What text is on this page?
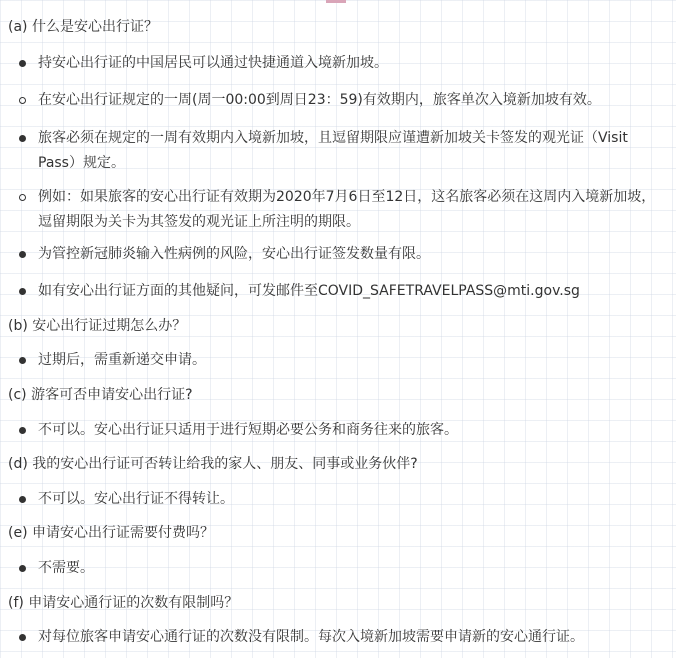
(a) 什么是安心出行证？
持安心出行证的中国居民可以通过快捷通道入境新加坡。
在安心出行证规定的一周(周一00:00到周日23：59)有效期内，旅客单次入境新加坡有效。
旅客必须在规定的一周有效期内入境新加坡，且逗留期限应谨遭新加坡关卡签发的观光证（Visit Pass）规定。
例如：如果旅客的安心出行证有效期为2020年7月6日至12日，这名旅客必须在这周内入境新加坡，逗留期限为关卡为其签发的观光证上所注明的期限。
为管控新冠肺炎输入性病例的风险，安心出行证签发数量有限。
如有安心出行证方面的其他疑问，可发邮件至COVID_SAFETRAVELPASS@mti.gov.sg
(b) 安心出行证过期怎么办？
过期后，需重新递交申请。
(c) 游客可否申请安心出行证?
不可以。安心出行证只适用于进行短期必要公务和商务往来的旅客。
(d) 我的安心出行证可否转让给我的家人、朋友、同事或业务伙伴?
不可以。安心出行证不得转让。
(e) 申请安心出行证需要付费吗？
不需要。
(f) 申请安心通行证的次数有限制吗？
对每位旅客申请安心通行证的次数没有限制。每次入境新加坡需要申请新的安心通行证。
